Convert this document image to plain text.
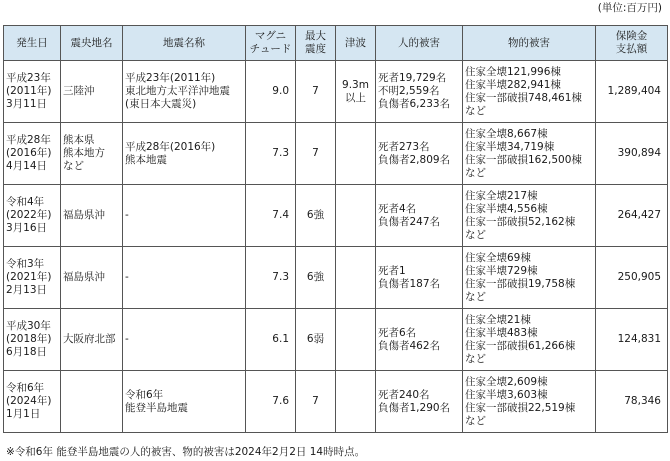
(単位:百万円)
発生日	震央地名	地震名称	マグニ
チュード	最大
震度	津波	人的被害	物的被害	保険金
支払額

平成23年
(2011年)
3月11日	三陸沖	平成23年(2011年)
東北地方太平洋沖地震
(東日本大震災)	9.0	7	9.3m
以上	死者19,729名
不明2,559名
負傷者6,233名	住家全壊121,996棟
住家半壊282,941棟
住家一部破損748,461棟
など	1,289,404

平成28年
(2016年)
4月14日	熊本県
熊本地方
など	平成28年(2016年)
熊本地震	7.3	7		死者273名
負傷者2,809名	住家全壊8,667棟
住家半壊34,719棟
住家一部破損162,500棟
など	390,894

令和4年
(2022年)
3月16日	福島県沖	-	7.4	6強		死者4名
負傷者247名	住家全壊217棟
住家半壊4,556棟
住家一部破損52,162棟
など	264,427

令和3年
(2021年)
2月13日	福島県沖	-	7.3	6強		死者1
負傷者187名	住家全壊69棟
住家半壊729棟
住家一部破損19,758棟
など	250,905

平成30年
(2018年)
6月18日	大阪府北部	-	6.1	6弱		死者6名
負傷者462名	住家全壊21棟
住家半壊483棟
住家一部破損61,266棟
など	124,831

令和6年
(2024年)
1月1日		令和6年
能登半島地震	7.6	7		死者240名
負傷者1,290名	住家全壊2,609棟
住家半壊3,603棟
住家一部破損22,519棟
など	78,346
※令和6年 能登半島地震の人的被害、物的被害は2024年2月2日 14時時点。
